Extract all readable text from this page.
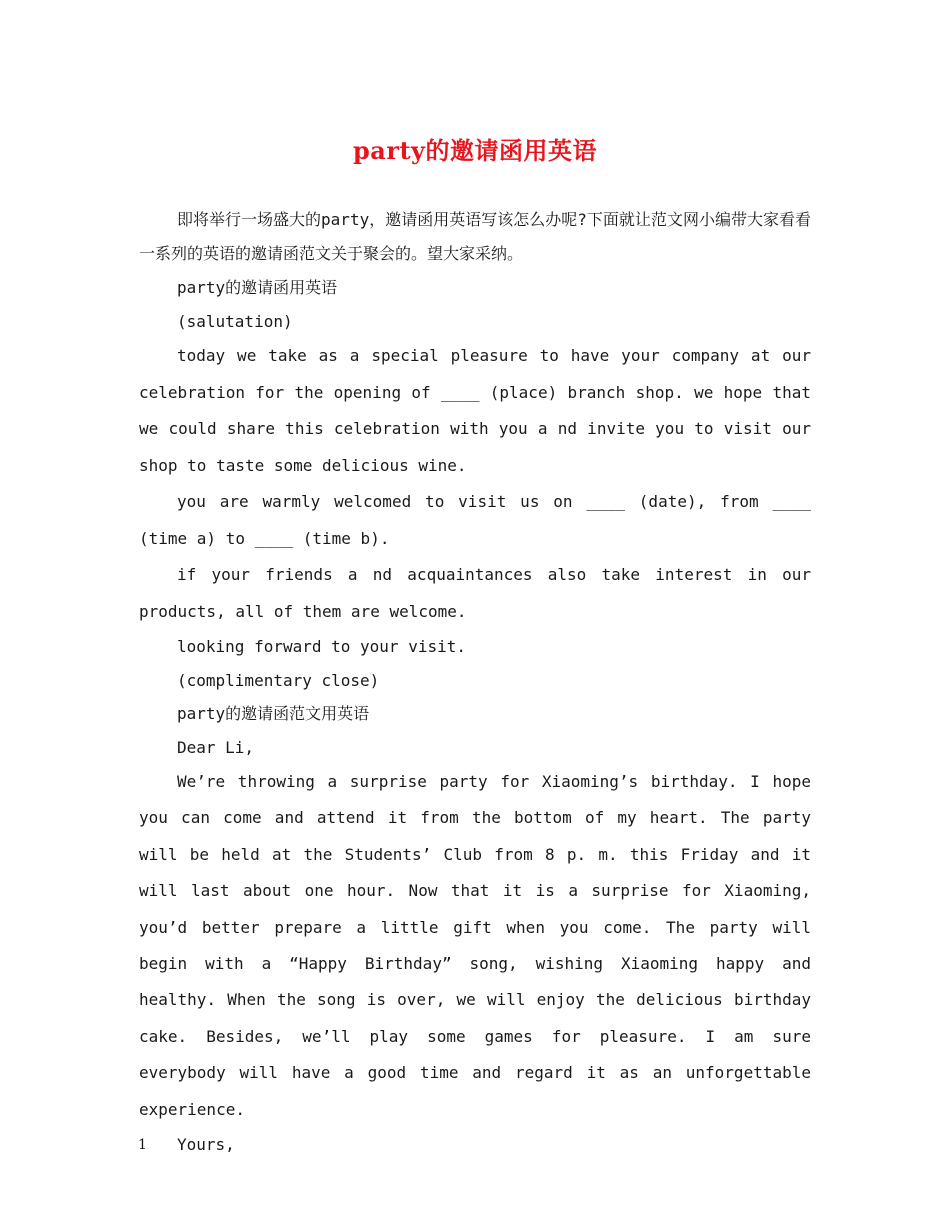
party的邀请函用英语

即将举行一场盛大的party，邀请函用英语写该怎么办呢?下面就让范文网小编带大家看看一系列的英语的邀请函范文关于聚会的。望大家采纳。

party的邀请函用英语

(salutation)

today we take as a special pleasure to have your company at our celebration for the opening of ____ (place) branch shop. we hope that we could share this celebration with you a nd invite you to visit our shop to taste some delicious wine.

you are warmly welcomed to visit us on ____ (date), from ____ (time a) to ____ (time b).

if your friends a nd acquaintances also take interest in our products, all of them are welcome.

looking forward to your visit.

(complimentary close)

party的邀请函范文用英语

Dear Li,

We’re throwing a surprise party for Xiaoming’s birthday. I hope you can come and attend it from the bottom of my heart. The party will be held at the Students’ Club from 8 p. m. this Friday and it will last about one hour. Now that it is a surprise for Xiaoming, you’d better prepare a little gift when you come. The party will begin with a “Happy Birthday” song, wishing Xiaoming happy and healthy. When the song is over, we will enjoy the delicious birthday cake. Besides, we’ll play some games for pleasure. I am sure everybody will have a good time and regard it as an unforgettable experience.

Yours,

1
